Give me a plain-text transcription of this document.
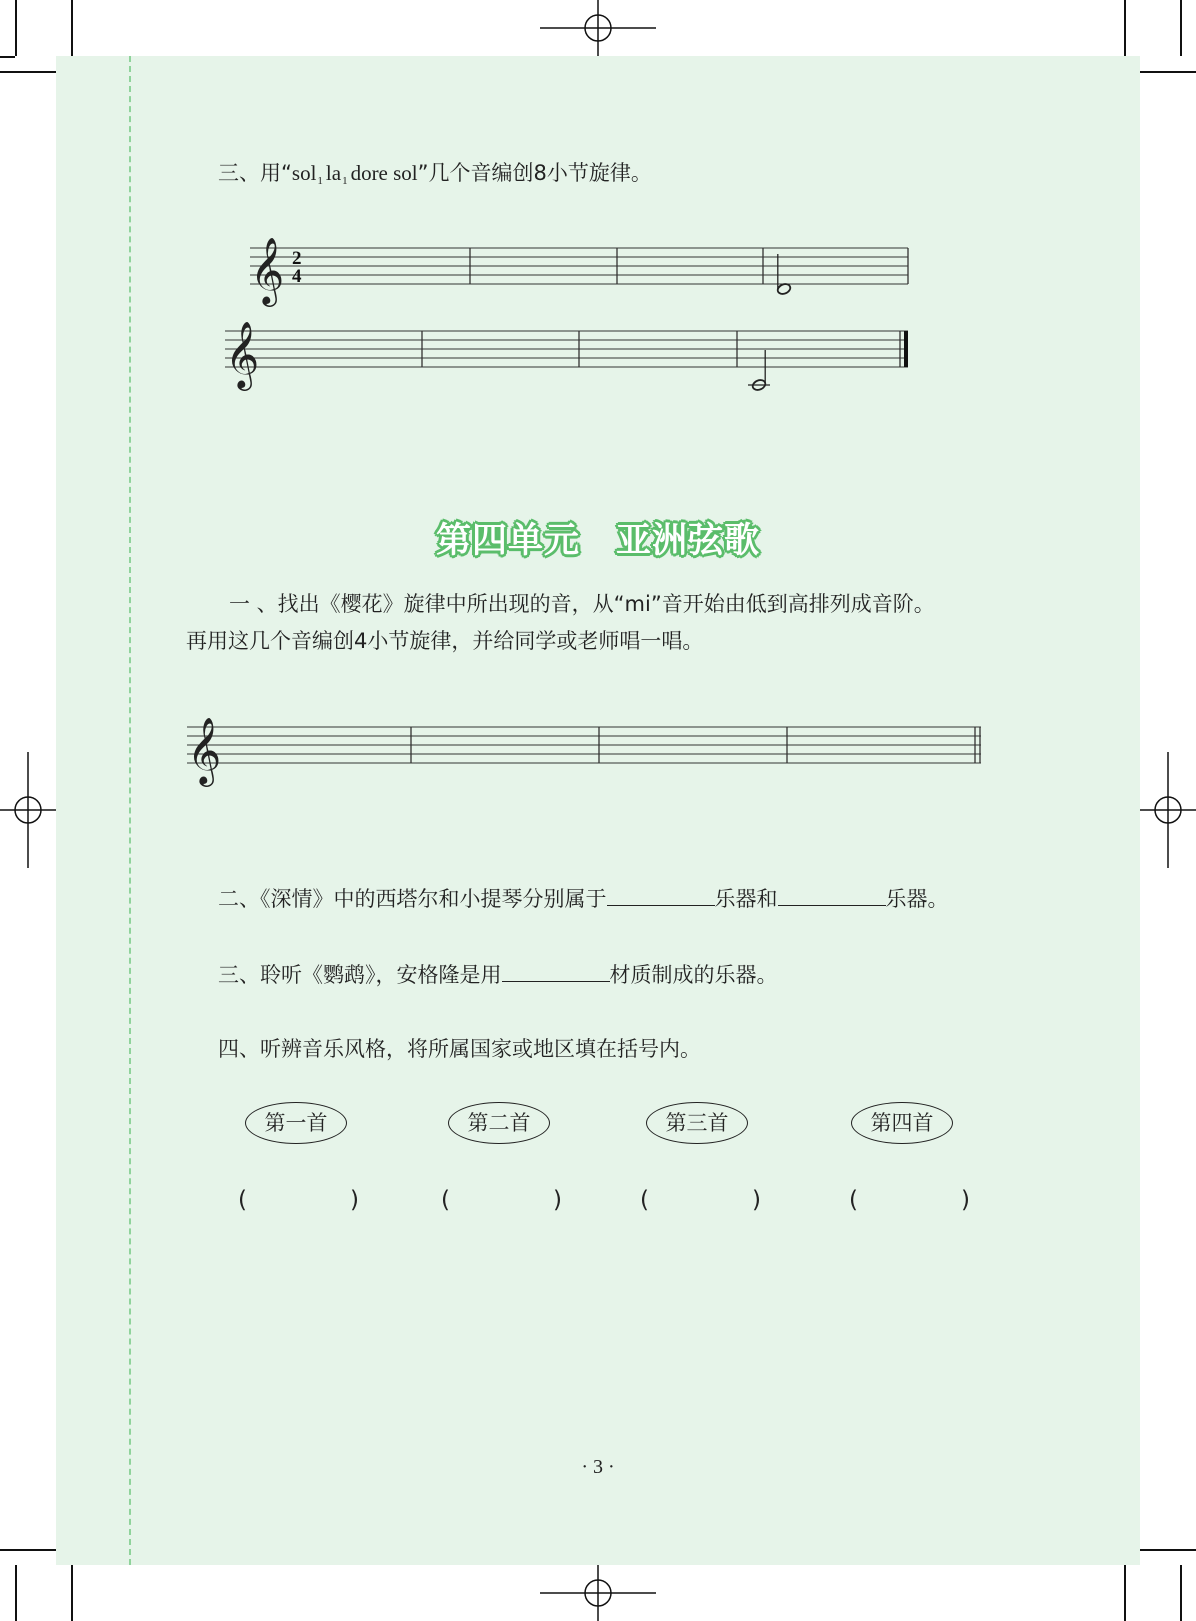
三、用“sol$_1$ $la_1$ dore sol”几个音编创8小节旋律。
𝄞 2
4
𝄞
第四单元　亚洲弦歌
一 、找出《樱花》旋律中所出现的音，从“mi”音开始由低到高排列成音阶。
再用这几个音编创4小节旋律，并给同学或老师唱一唱。
𝄞
二、《深情》中的西塔尔和小提琴分别属于	乐器和	乐器。
三、聆听《鹦鹉》，安格隆是用	材质制成的乐器。
四、听辨音乐风格，将所属国家或地区填在括号内。
第一首	第二首	第三首	第四首
(	)	(	)	(	)	(	)
· 3 ·
